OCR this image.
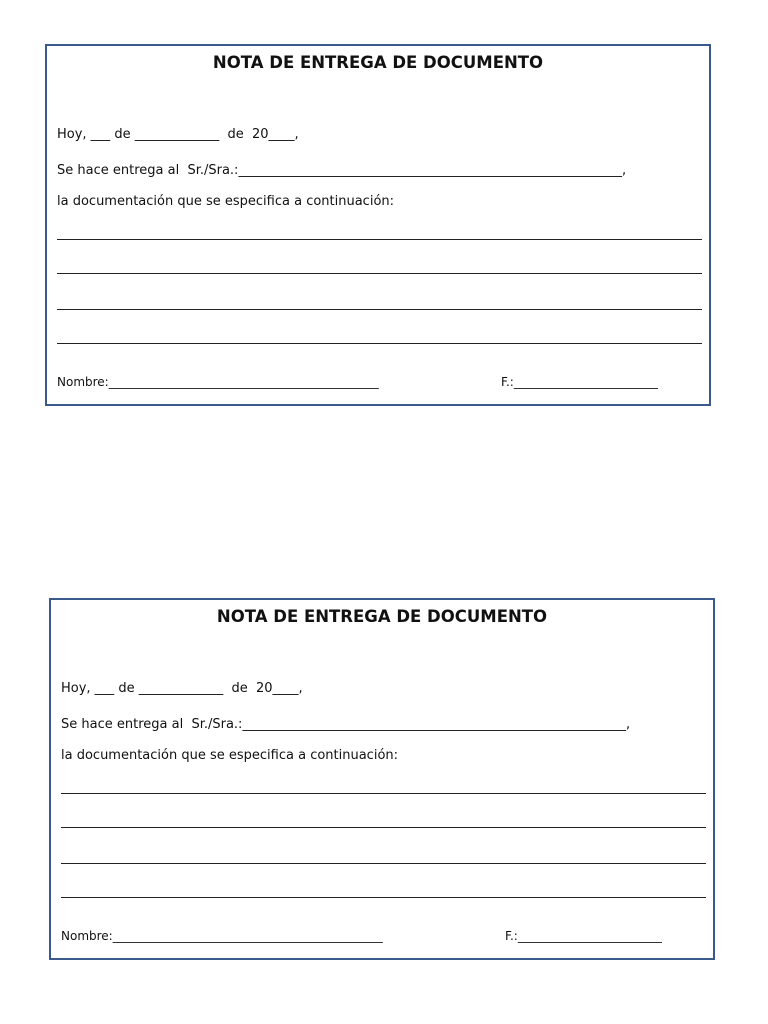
NOTA DE ENTREGA DE DOCUMENTO
Hoy, ___ de _____________  de  20____,
Se hace entrega al  Sr./Sra.:___________________________________________________________,
la documentación que se especifica a continuación:
Nombre:_____________________________________________	F.:________________________
NOTA DE ENTREGA DE DOCUMENTO
Hoy, ___ de _____________  de  20____,
Se hace entrega al  Sr./Sra.:___________________________________________________________,
la documentación que se especifica a continuación:
Nombre:_____________________________________________	F.:________________________
